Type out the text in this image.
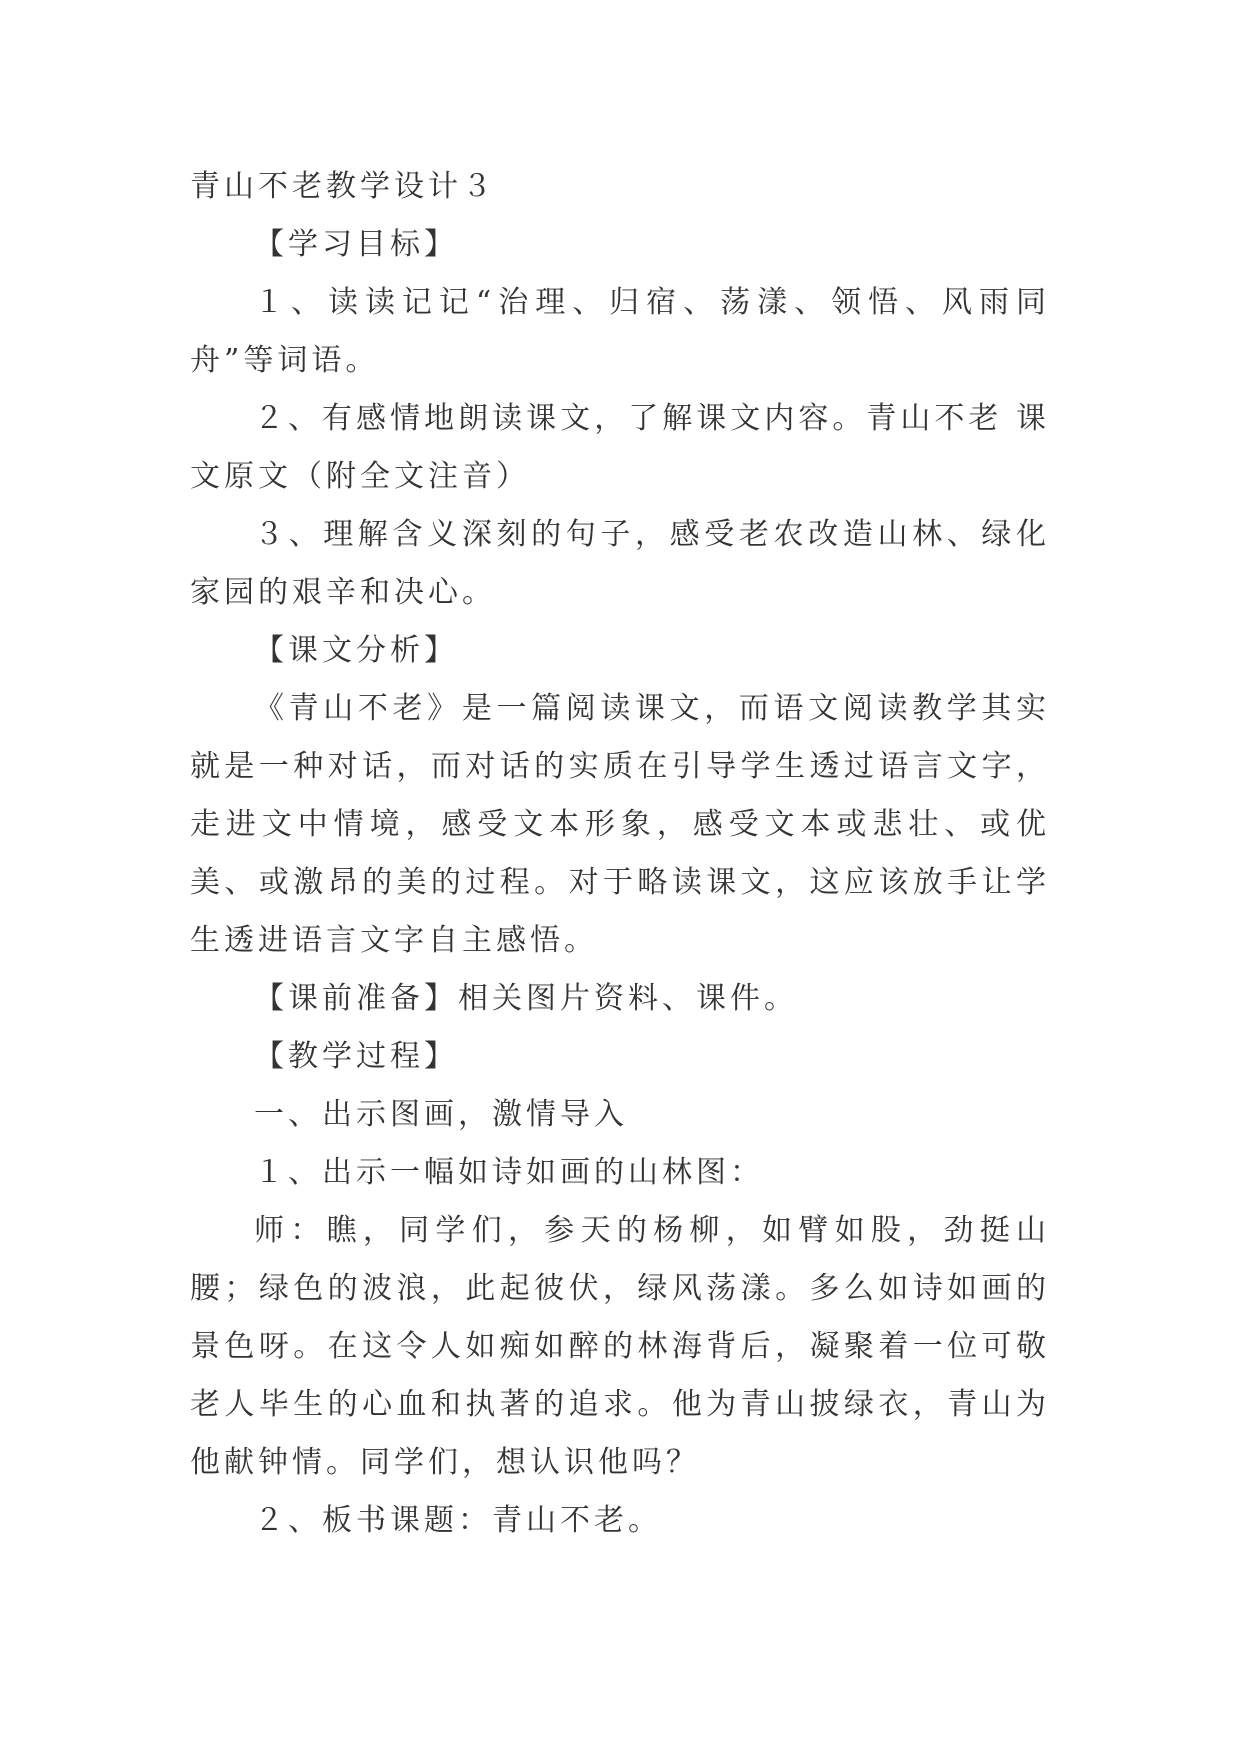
青山不老教学设计３

【学习目标】

１、读读记记“治理、归宿、荡漾、领悟、风雨同舟”等词语。

２、有感情地朗读课文，了解课文内容。青山不老 课文原文（附全文注音）

３、理解含义深刻的句子，感受老农改造山林、绿化家园的艰辛和决心。

【课文分析】

《青山不老》是一篇阅读课文，而语文阅读教学其实就是一种对话，而对话的实质在引导学生透过语言文字，走进文中情境，感受文本形象，感受文本或悲壮、或优美、或激昂的美的过程。对于略读课文，这应该放手让学生透进语言文字自主感悟。

【课前准备】相关图片资料、课件。

【教学过程】

一、出示图画，激情导入

１、出示一幅如诗如画的山林图：

师：瞧，同学们，参天的杨柳，如臂如股，劲挺山腰；绿色的波浪，此起彼伏，绿风荡漾。多么如诗如画的景色呀。在这令人如痴如醉的林海背后，凝聚着一位可敬老人毕生的心血和执著的追求。他为青山披绿衣，青山为他献钟情。同学们，想认识他吗？

２、板书课题：青山不老。
